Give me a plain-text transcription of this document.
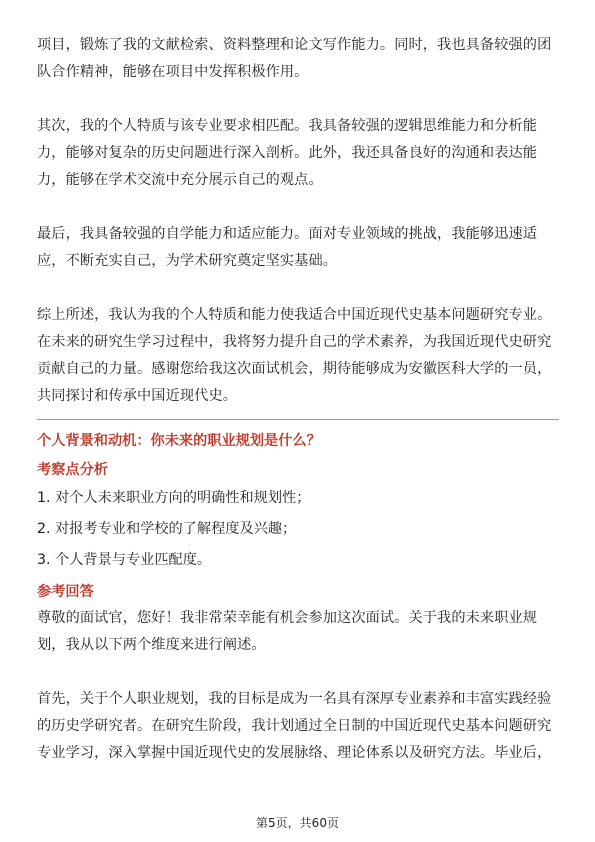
项目，锻炼了我的文献检索、资料整理和论文写作能力。同时，我也具备较强的团
队合作精神，能够在项目中发挥积极作用。

其次，我的个人特质与该专业要求相匹配。我具备较强的逻辑思维能力和分析能
力，能够对复杂的历史问题进行深入剖析。此外，我还具备良好的沟通和表达能
力，能够在学术交流中充分展示自己的观点。

最后，我具备较强的自学能力和适应能力。面对专业领域的挑战，我能够迅速适
应，不断充实自己，为学术研究奠定坚实基础。

综上所述，我认为我的个人特质和能力使我适合中国近现代史基本问题研究专业。
在未来的研究生学习过程中，我将努力提升自己的学术素养，为我国近现代史研究
贡献自己的力量。感谢您给我这次面试机会，期待能够成为安徽医科大学的一员，
共同探讨和传承中国近现代史。

个人背景和动机：你未来的职业规划是什么？
考察点分析
1. 对个人未来职业方向的明确性和规划性；
2. 对报考专业和学校的了解程度及兴趣；
3. 个人背景与专业匹配度。
参考回答

尊敬的面试官，您好！我非常荣幸能有机会参加这次面试。关于我的未来职业规
划，我从以下两个维度来进行阐述。

首先，关于个人职业规划，我的目标是成为一名具有深厚专业素养和丰富实践经验
的历史学研究者。在研究生阶段，我计划通过全日制的中国近现代史基本问题研究
专业学习，深入掌握中国近现代史的发展脉络、理论体系以及研究方法。毕业后，

第5页，共60页
